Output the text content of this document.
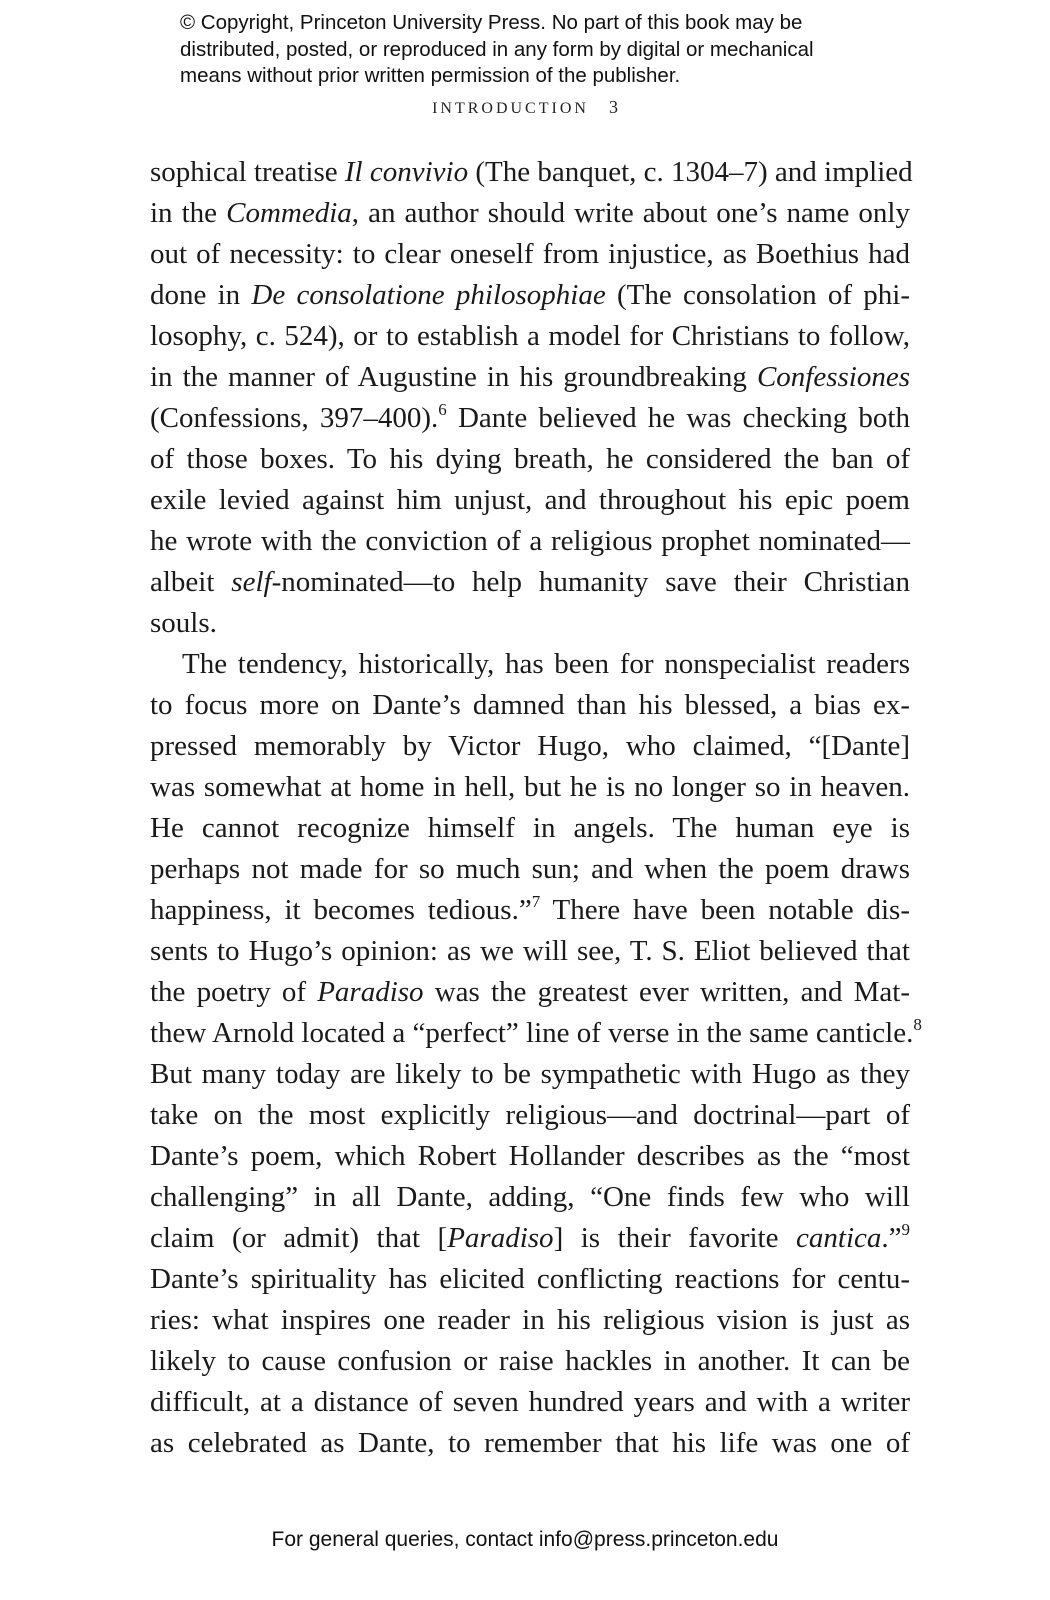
© Copyright, Princeton University Press. No part of this book may be
distributed, posted, or reproduced in any form by digital or mechanical
means without prior written permission of the publisher.
INTRODUCTION 3
sophical treatise Il convivio (The banquet, c. 1304–7) and implied
in the Commedia, an author should write about one’s name only
out of necessity: to clear oneself from injustice, as Boethius had
done in De consolatione philosophiae (The consolation of phi-
losophy, c. 524), or to establish a model for Christians to follow,
in the manner of Augustine in his groundbreaking Confessiones
(Confessions, 397–400).$^6$ Dante believed he was checking both
of those boxes. To his dying breath, he considered the ban of
exile levied against him unjust, and throughout his epic poem
he wrote with the conviction of a religious prophet nominated—
albeit self-nominated—to help humanity save their Christian
souls.
The tendency, historically, has been for nonspecialist readers
to focus more on Dante’s damned than his blessed, a bias ex-
pressed memorably by Victor Hugo, who claimed, “[Dante]
was somewhat at home in hell, but he is no longer so in heaven.
He cannot recognize himself in angels. The human eye is
perhaps not made for so much sun; and when the poem draws
happiness, it becomes tedious.”$^7$ There have been notable dis-
sents to Hugo’s opinion: as we will see, T. S. Eliot believed that
the poetry of Paradiso was the greatest ever written, and Mat-
thew Arnold located a “perfect” line of verse in the same canticle.$^8$
But many today are likely to be sympathetic with Hugo as they
take on the most explicitly religious—and doctrinal—part of
Dante’s poem, which Robert Hollander describes as the “most
challenging” in all Dante, adding, “One finds few who will
claim (or admit) that [Paradiso] is their favorite cantica.”$^9$
Dante’s spirituality has elicited conflicting reactions for centu-
ries: what inspires one reader in his religious vision is just as
likely to cause confusion or raise hackles in another. It can be
difficult, at a distance of seven hundred years and with a writer
as celebrated as Dante, to remember that his life was one of
For general queries, contact info@press.princeton.edu
